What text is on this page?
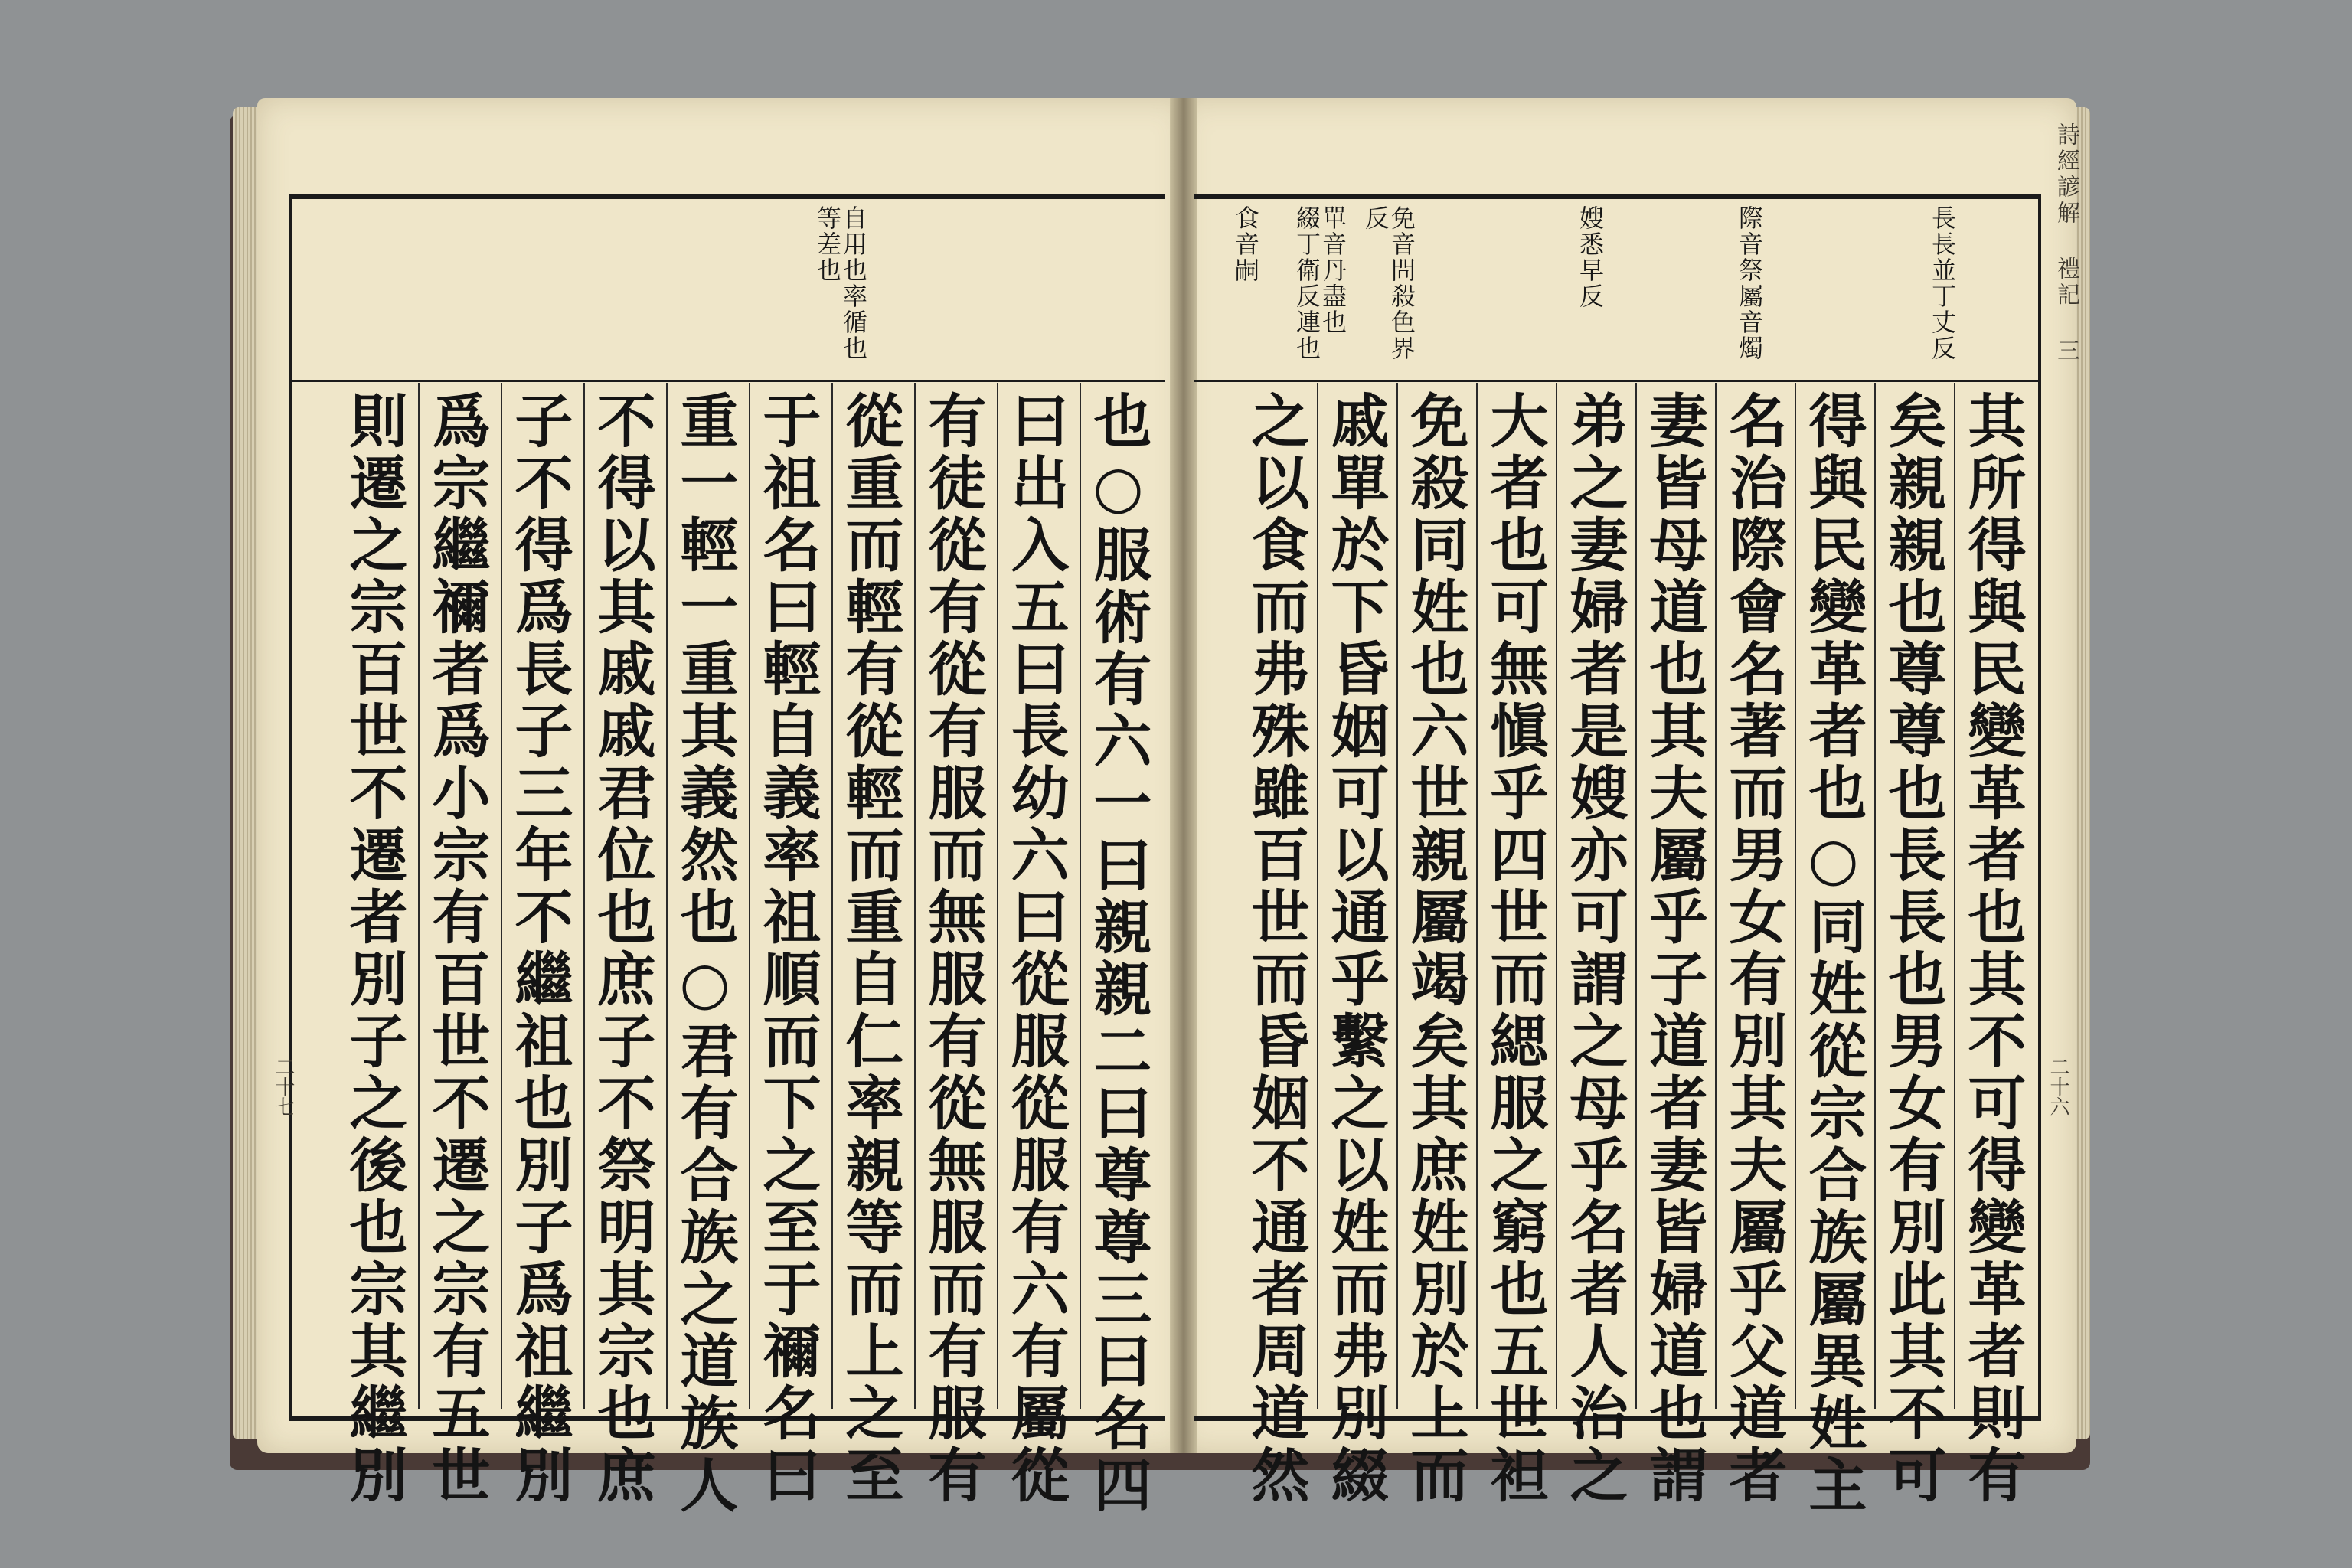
詩經諺解 禮記 三
二十六
二十七
長長並丁丈反
際音祭屬音燭
嫂悉早反
免音問殺色界
反
單音丹盡也
綴丁衛反連也
食音嗣
自用也率循也
等差也
其所得與民變革者也其不可得變革者則有
矣親親也尊尊也長長也男女有別此其不可
得與民變革者也○同姓從宗合族屬異姓主
名治際會名著而男女有別其夫屬乎父道者
妻皆母道也其夫屬乎子道者妻皆婦道也謂
弟之妻婦者是嫂亦可謂之母乎名者人治之
大者也可無愼乎四世而緦服之窮也五世袒
免殺同姓也六世親屬竭矣其庶姓別於上而
戚單於下昏姻可以通乎繫之以姓而弗別綴
之以食而弗殊雖百世而昏姻不通者周道然
也○服術有六一曰親親二曰尊尊三曰名四
曰出入五曰長幼六曰從服從服有六有屬從
有徒從有從有服而無服有從無服而有服有
從重而輕有從輕而重自仁率親等而上之至
于祖名曰輕自義率祖順而下之至于禰名曰
重一輕一重其義然也○君有合族之道族人
不得以其戚戚君位也庶子不祭明其宗也庶
子不得爲長子三年不繼祖也別子爲祖繼別
爲宗繼禰者爲小宗有百世不遷之宗有五世
則遷之宗百世不遷者別子之後也宗其繼別
